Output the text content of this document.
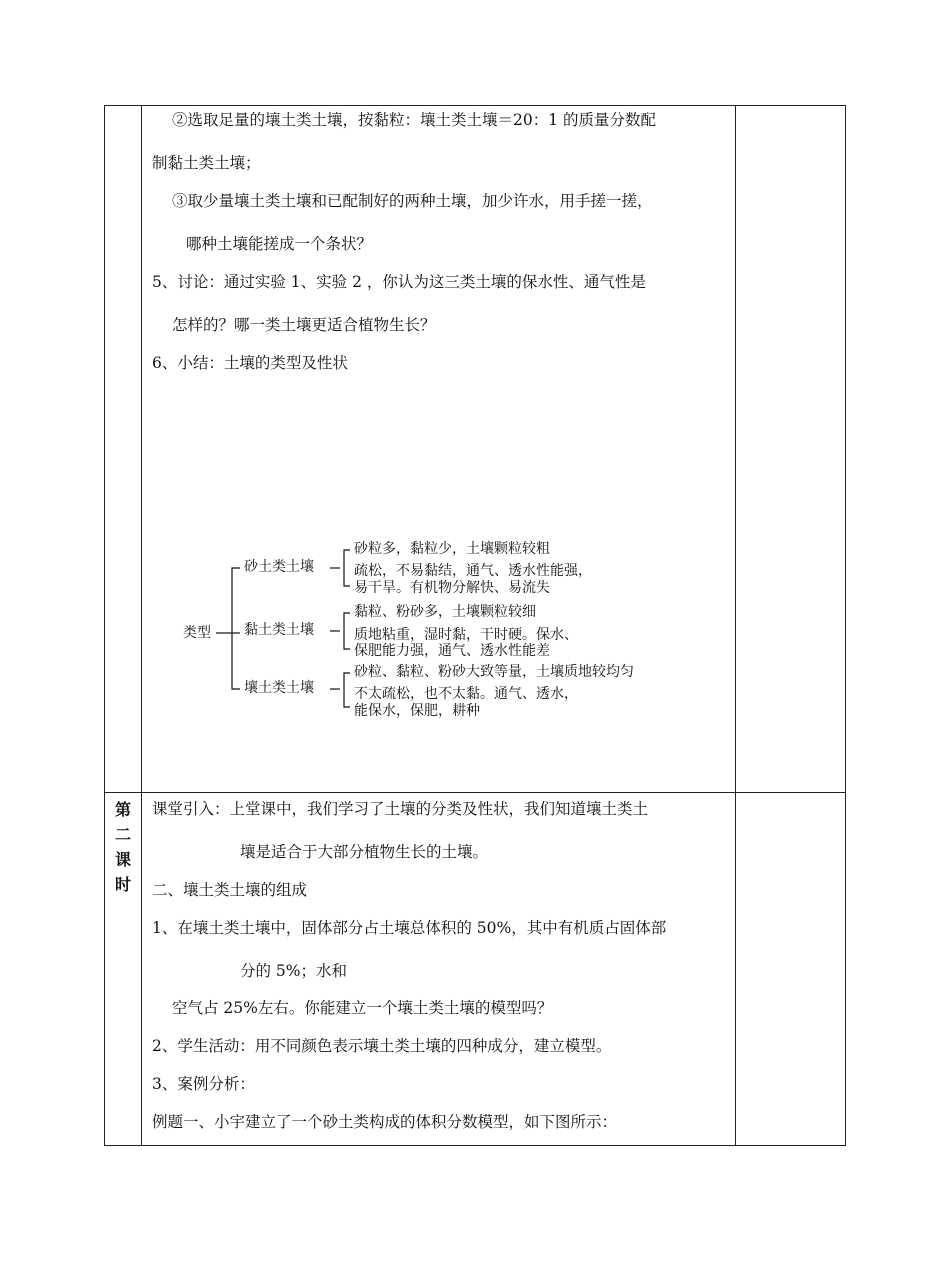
②选取足量的壤土类土壤，按黏粒：壤土类土壤＝20：1 的质量分数配
制黏土类土壤；
③取少量壤土类土壤和已配制好的两种土壤，加少许水，用手搓一搓，
哪种土壤能搓成一个条状？
5、讨论：通过实验 1、实验 2 ，你认为这三类土壤的保水性、通气性是
怎样的？哪一类土壤更适合植物生长？
6、小结：土壤的类型及性状
类型
砂土类土壤
砂粒多，黏粒少，土壤颗粒较粗
疏松，不易黏结，通气、透水性能强，
易干旱。有机物分解快、易流失
黏土类土壤
黏粒、粉砂多，土壤颗粒较细
质地粘重，湿时黏，干时硬。保水、
保肥能力强，通气、透水性能差
壤土类土壤
砂粒、黏粒、粉砂大致等量，土壤质地较均匀
不太疏松，也不太黏。通气、透水，
能保水，保肥，耕种
第
二
课
时
课堂引入：上堂课中，我们学习了土壤的分类及性状，我们知道壤土类土
壤是适合于大部分植物生长的土壤。
二、壤土类土壤的组成
1、在壤土类土壤中，固体部分占土壤总体积的 50%，其中有机质占固体部
分的 5%；水和
空气占 25%左右。你能建立一个壤土类土壤的模型吗？
2、学生活动：用不同颜色表示壤土类土壤的四种成分，建立模型。
3、案例分析：
例题一、小宇建立了一个砂土类构成的体积分数模型，如下图所示：
